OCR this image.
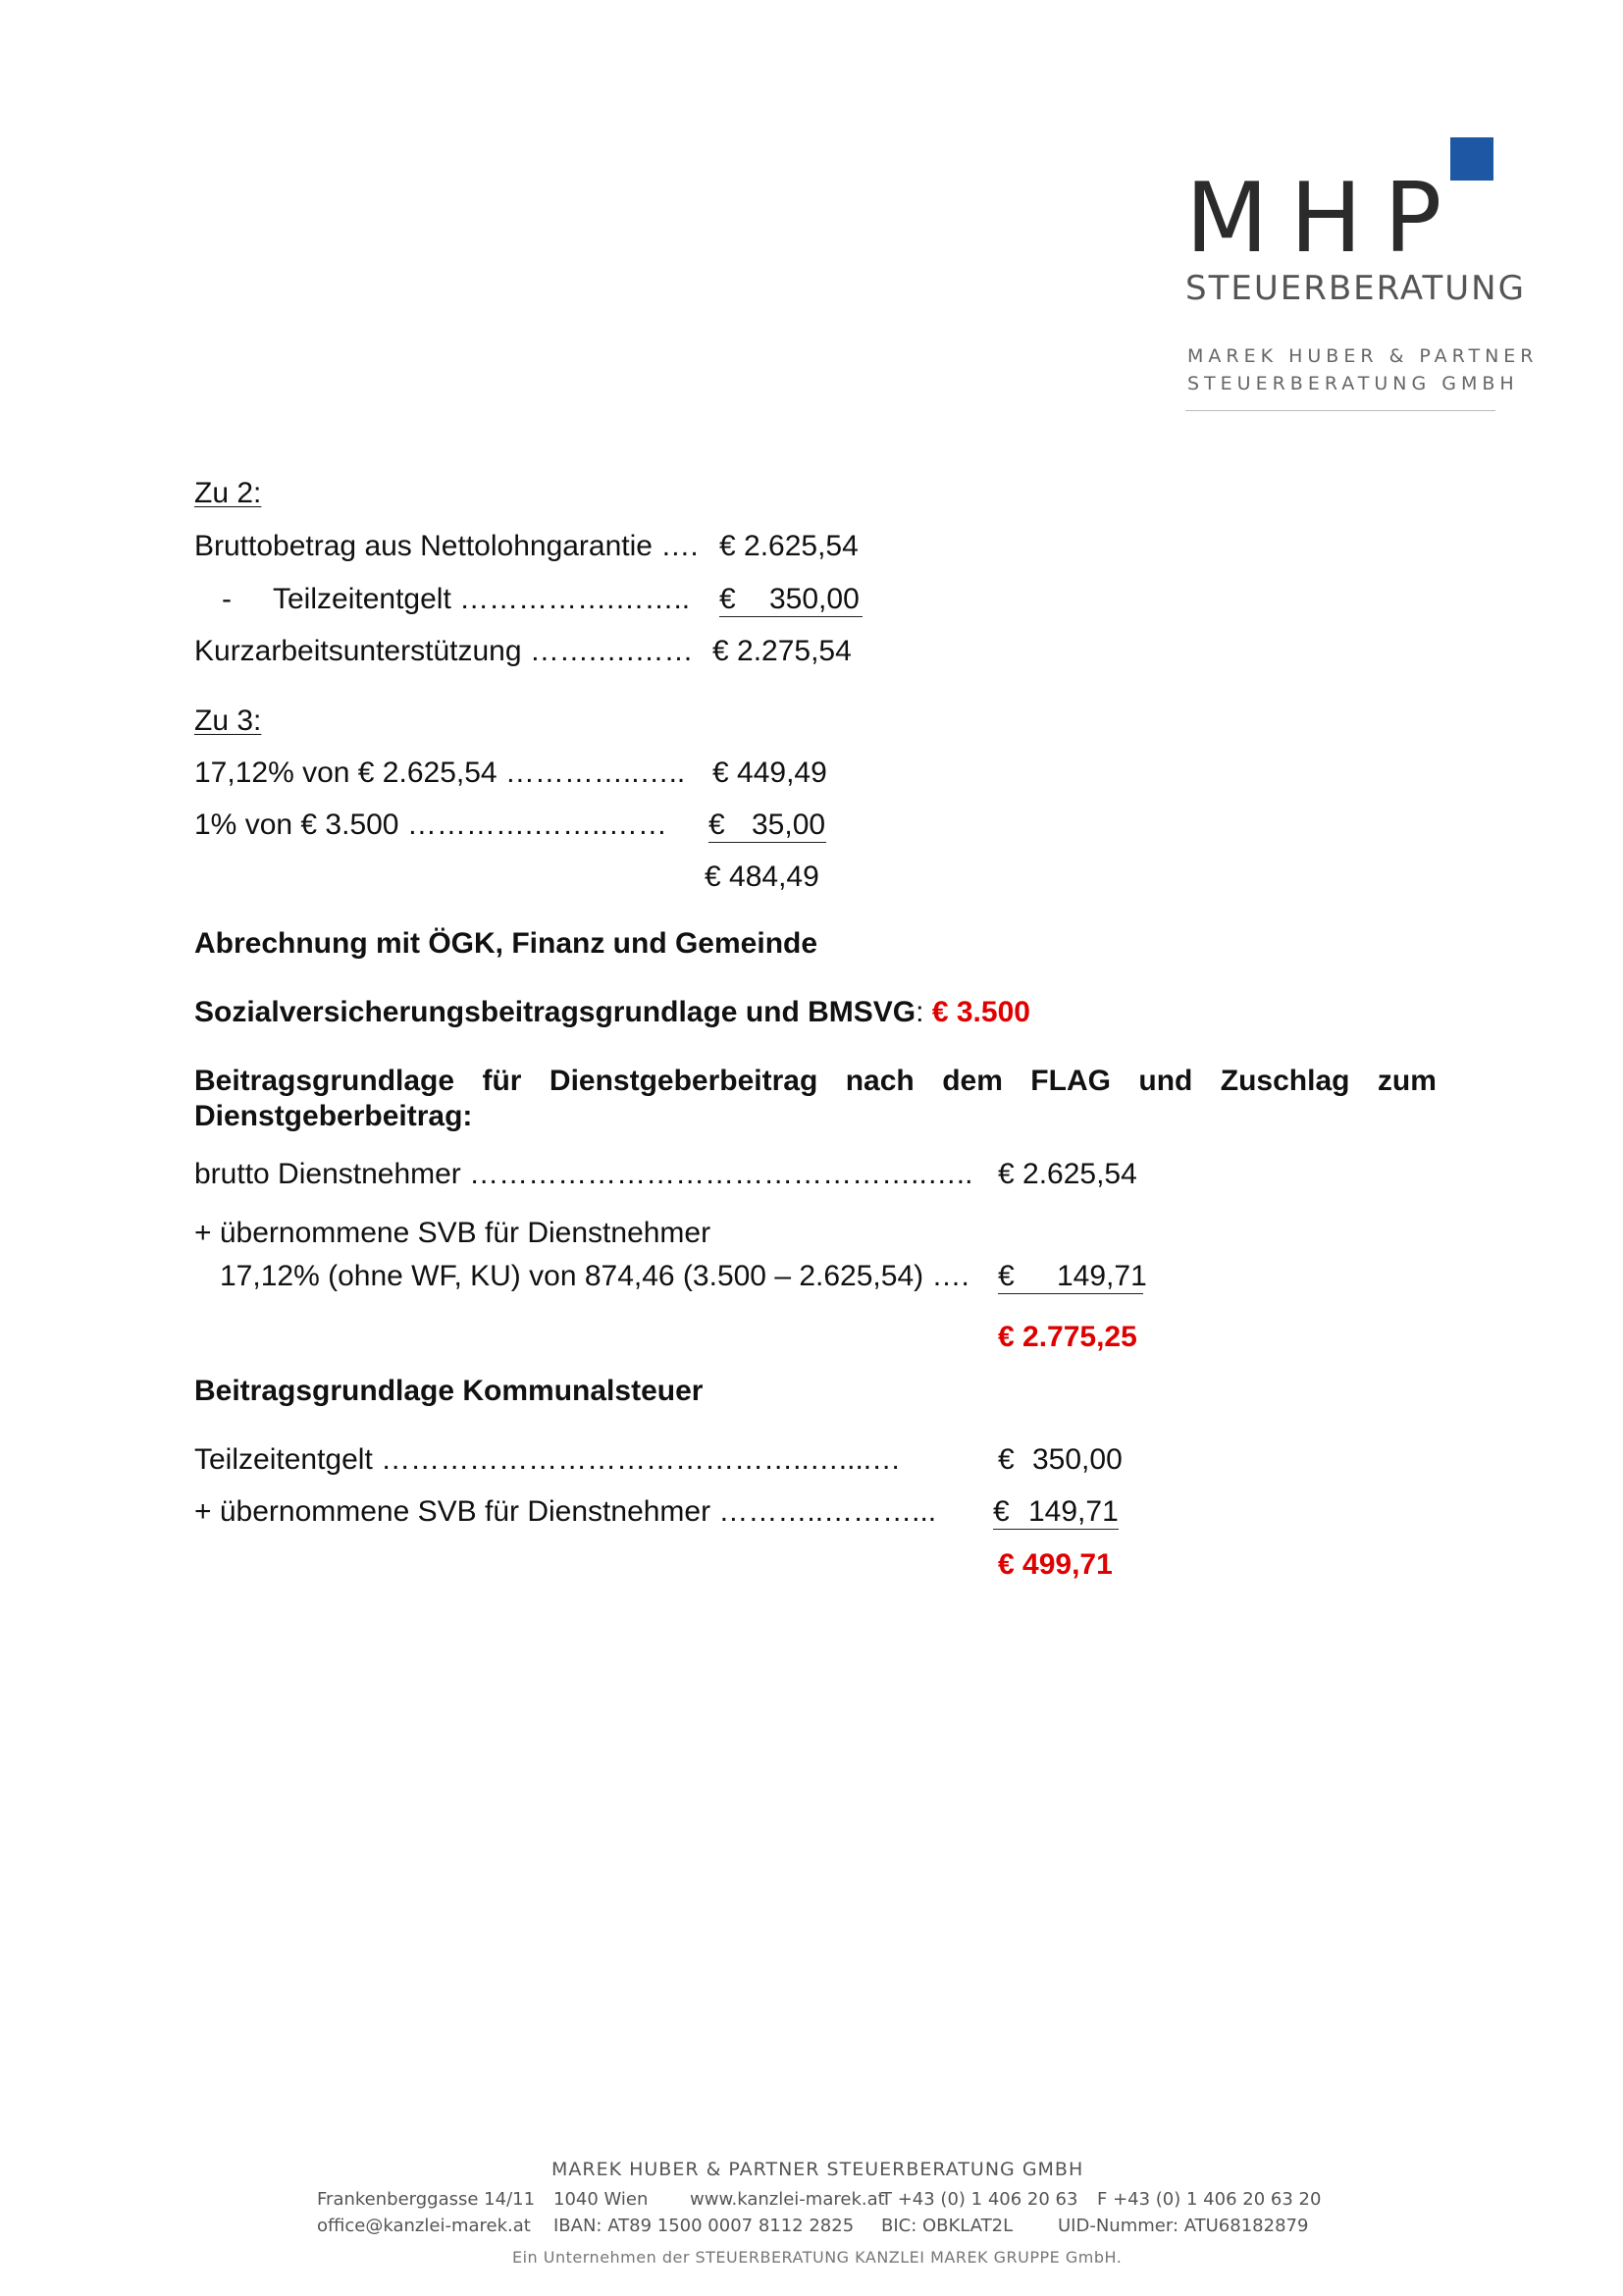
MHP
STEUERBERATUNG
MAREK HUBER & PARTNER
STEUERBERATUNG GMBH
Zu 2:
Bruttobetrag aus Nettolohngarantie …. € 2.625,54
- Teilzeitentgelt …………….…….. € 350,00
Kurzarbeitsunterstützung …….….…… € 2.275,54
Zu 3:
17,12% von € 2.625,54 …………..….. € 449,49
1% von € 3.500 ………….……..…… € 35,00
€ 484,49
Abrechnung mit ÖGK, Finanz und Gemeinde
Sozialversicherungsbeitragsgrundlage und BMSVG: € 3.500
Beitragsgrundlage für Dienstgeberbeitrag nach dem FLAG und Zuschlag zum
Dienstgeberbeitrag:
brutto Dienstnehmer ………………………………………..….. € 2.625,54
+ übernommene SVB für Dienstnehmer
17,12% (ohne WF, KU) von 874,46 (3.500 – 2.625,54) …. € 149,71
€ 2.775,25
Beitragsgrundlage Kommunalsteuer
Teilzeitentgelt ……………………………………..…....…	€ 350,00
+ übernommene SVB für Dienstnehmer ………..………... € 149,71
€ 499,71
MAREK HUBER & PARTNER STEUERBERATUNG GMBH
Frankenberggasse 14/11 1040 Wien www.kanzlei-marek.at
T +43 (0) 1 406 20 63 F +43 (0) 1 406 20 63 20
office@kanzlei-marek.at IBAN: AT89 1500 0007 8112 2825 BIC: OBKLAT2L	UID-Nummer: ATU68182879
Ein Unternehmen der STEUERBERATUNG KANZLEI MAREK GRUPPE GmbH.
